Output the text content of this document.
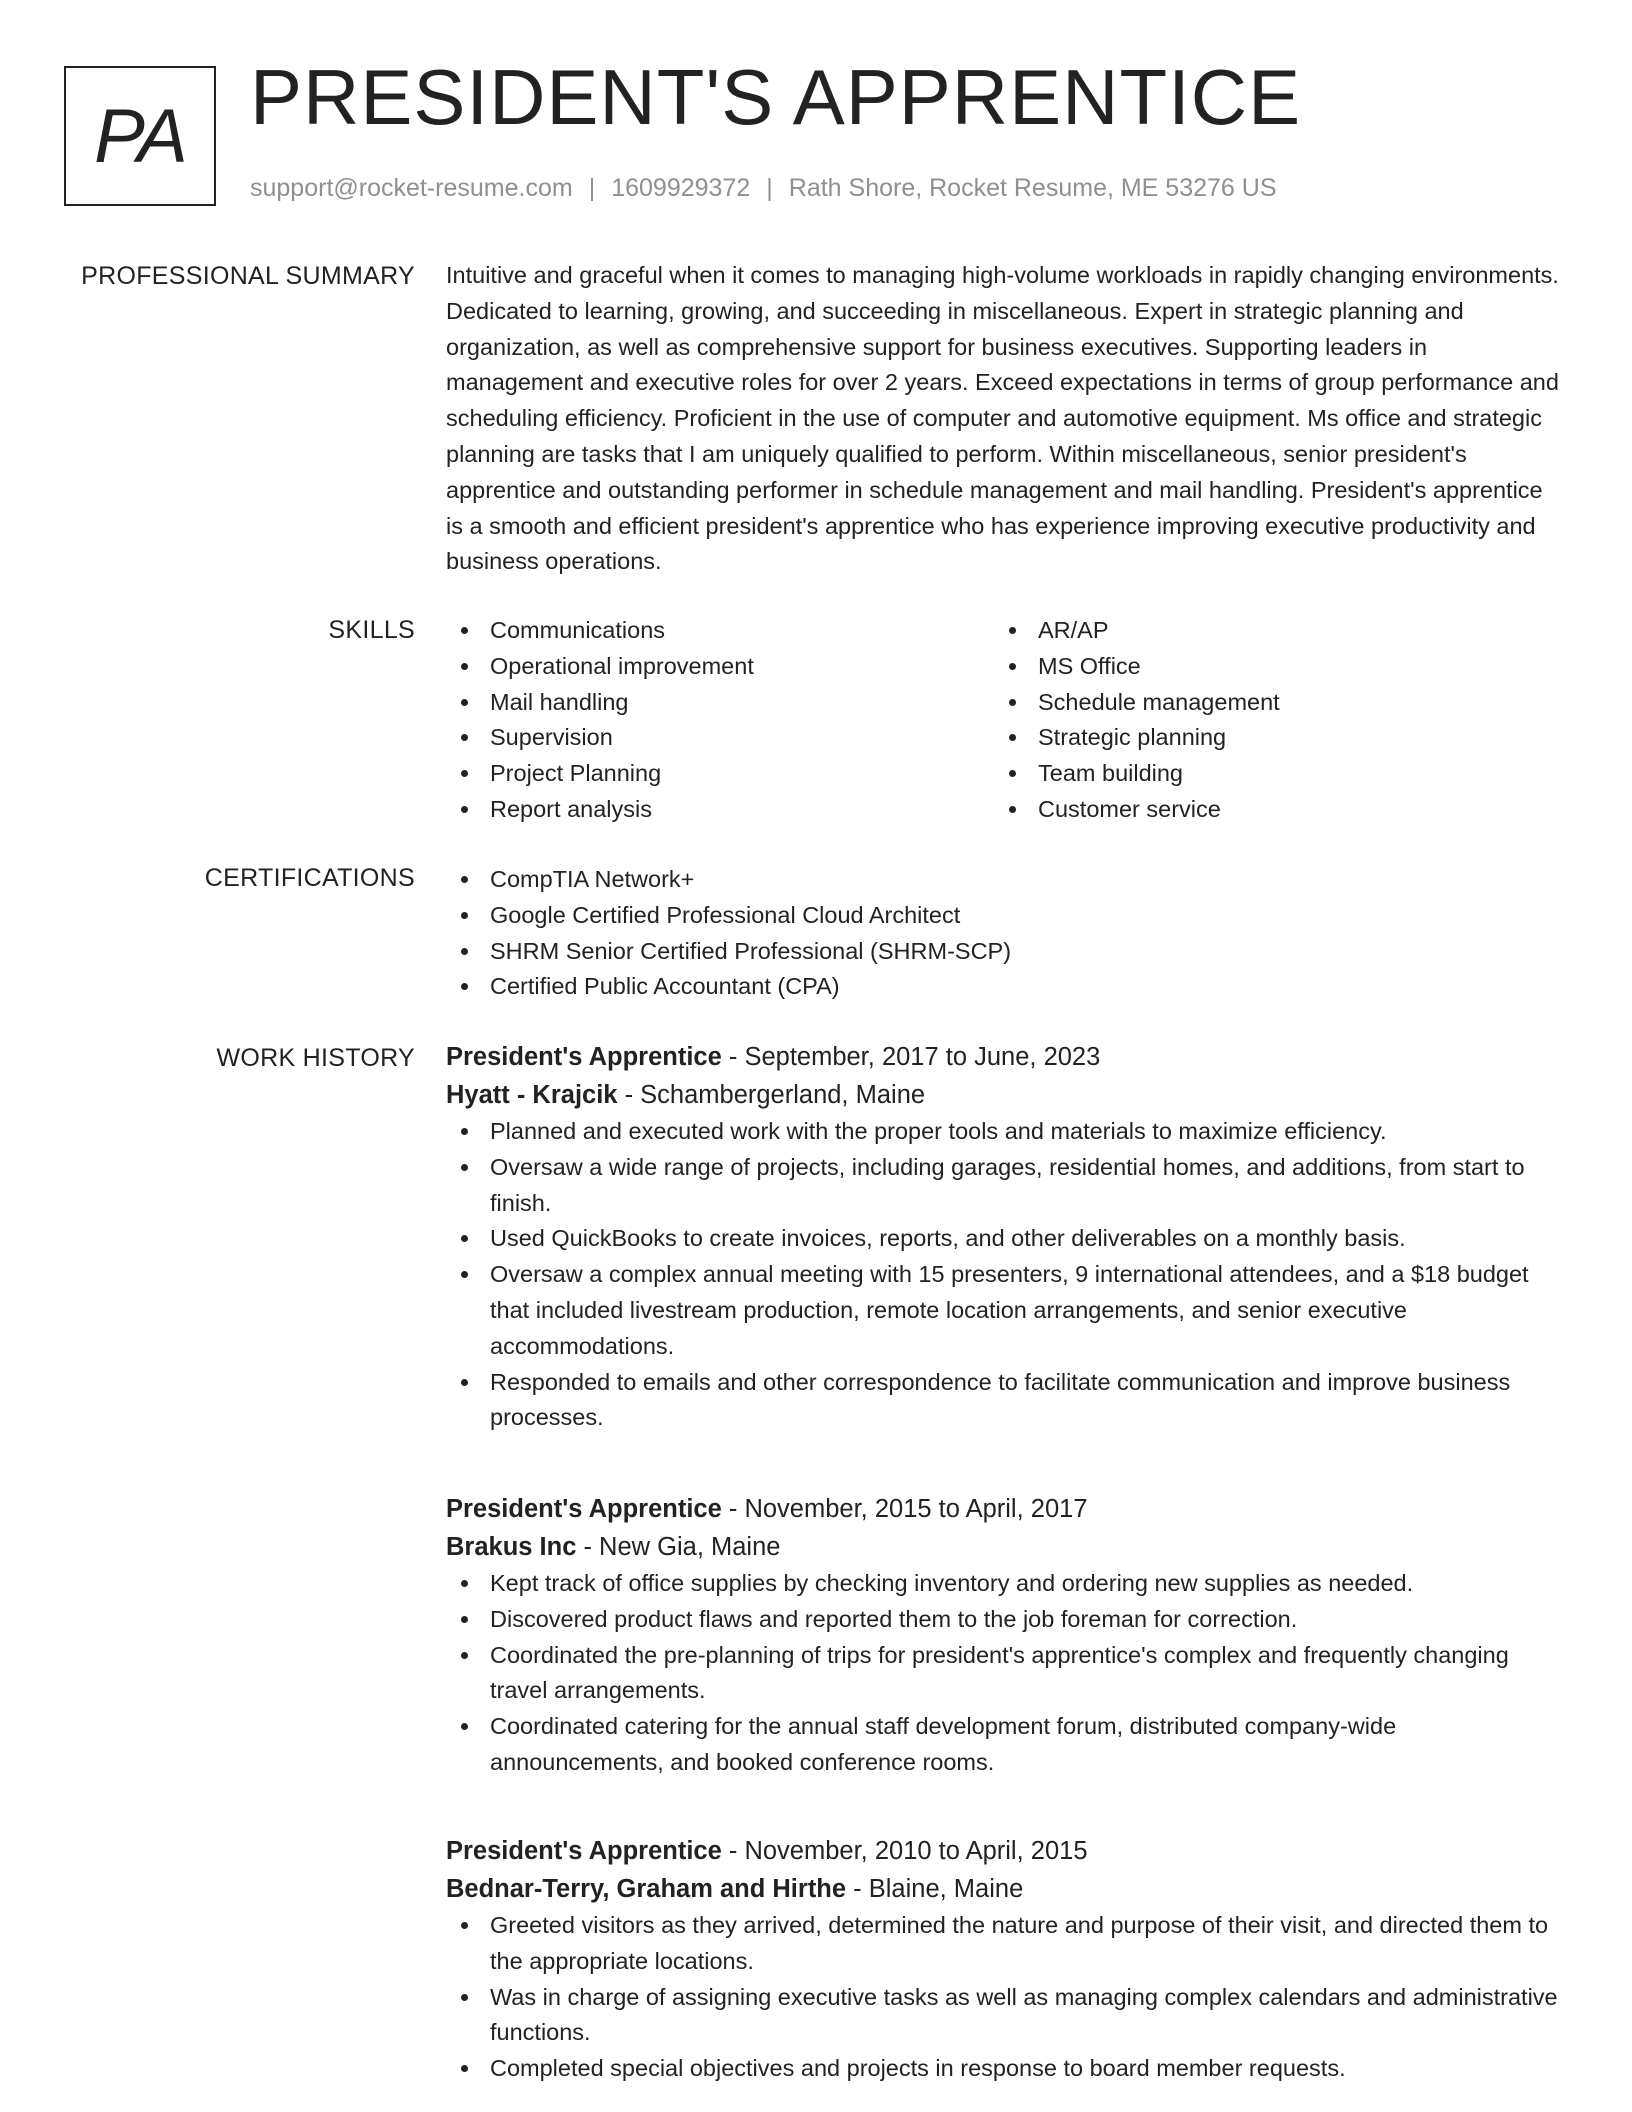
PA PRESIDENT'S APPRENTICE
support@rocket-resume.com | 1609929372 | Rath Shore, Rocket Resume, ME 53276 US
PROFESSIONAL SUMMARY Intuitive and graceful when it comes to managing high-volume workloads in rapidly changing environments. Dedicated to learning, growing, and succeeding in miscellaneous. Expert in strategic planning and organization, as well as comprehensive support for business executives. Supporting leaders in management and executive roles for over 2 years. Exceed expectations in terms of group performance and scheduling efficiency. Proficient in the use of computer and automotive equipment. Ms office and strategic planning are tasks that I am uniquely qualified to perform. Within miscellaneous, senior president's apprentice and outstanding performer in schedule management and mail handling. President's apprentice is a smooth and efficient president's apprentice who has experience improving executive productivity and business operations.

SKILLS	Communications
Operational improvement
Mail handling
Supervision
Project Planning
Report analysis
AR/AP
MS Office
Schedule management
Strategic planning
Team building
Customer service
CERTIFICATIONS	CompTIA Network+
Google Certified Professional Cloud Architect
SHRM Senior Certified Professional (SHRM-SCP)
Certified Public Accountant (CPA)
WORK HISTORY President's Apprentice - September, 2017 to June, 2023
Hyatt - Krajcik - Schambergerland, Maine
Planned and executed work with the proper tools and materials to maximize efficiency.
Oversaw a wide range of projects, including garages, residential homes, and additions, from start to finish.
Used QuickBooks to create invoices, reports, and other deliverables on a monthly basis.
Oversaw a complex annual meeting with 15 presenters, 9 international attendees, and a $18 budget that included livestream production, remote location arrangements, and senior executive accommodations.
Responded to emails and other correspondence to facilitate communication and improve business processes.
President's Apprentice - November, 2015 to April, 2017
Brakus Inc - New Gia, Maine
Kept track of office supplies by checking inventory and ordering new supplies as needed.
Discovered product flaws and reported them to the job foreman for correction.
Coordinated the pre-planning of trips for president's apprentice's complex and frequently changing travel arrangements.
Coordinated catering for the annual staff development forum, distributed company-wide announcements, and booked conference rooms.
President's Apprentice - November, 2010 to April, 2015
Bednar-Terry, Graham and Hirthe - Blaine, Maine
Greeted visitors as they arrived, determined the nature and purpose of their visit, and directed them to the appropriate locations.
Was in charge of assigning executive tasks as well as managing complex calendars and administrative functions.
Completed special objectives and projects in response to board member requests.
